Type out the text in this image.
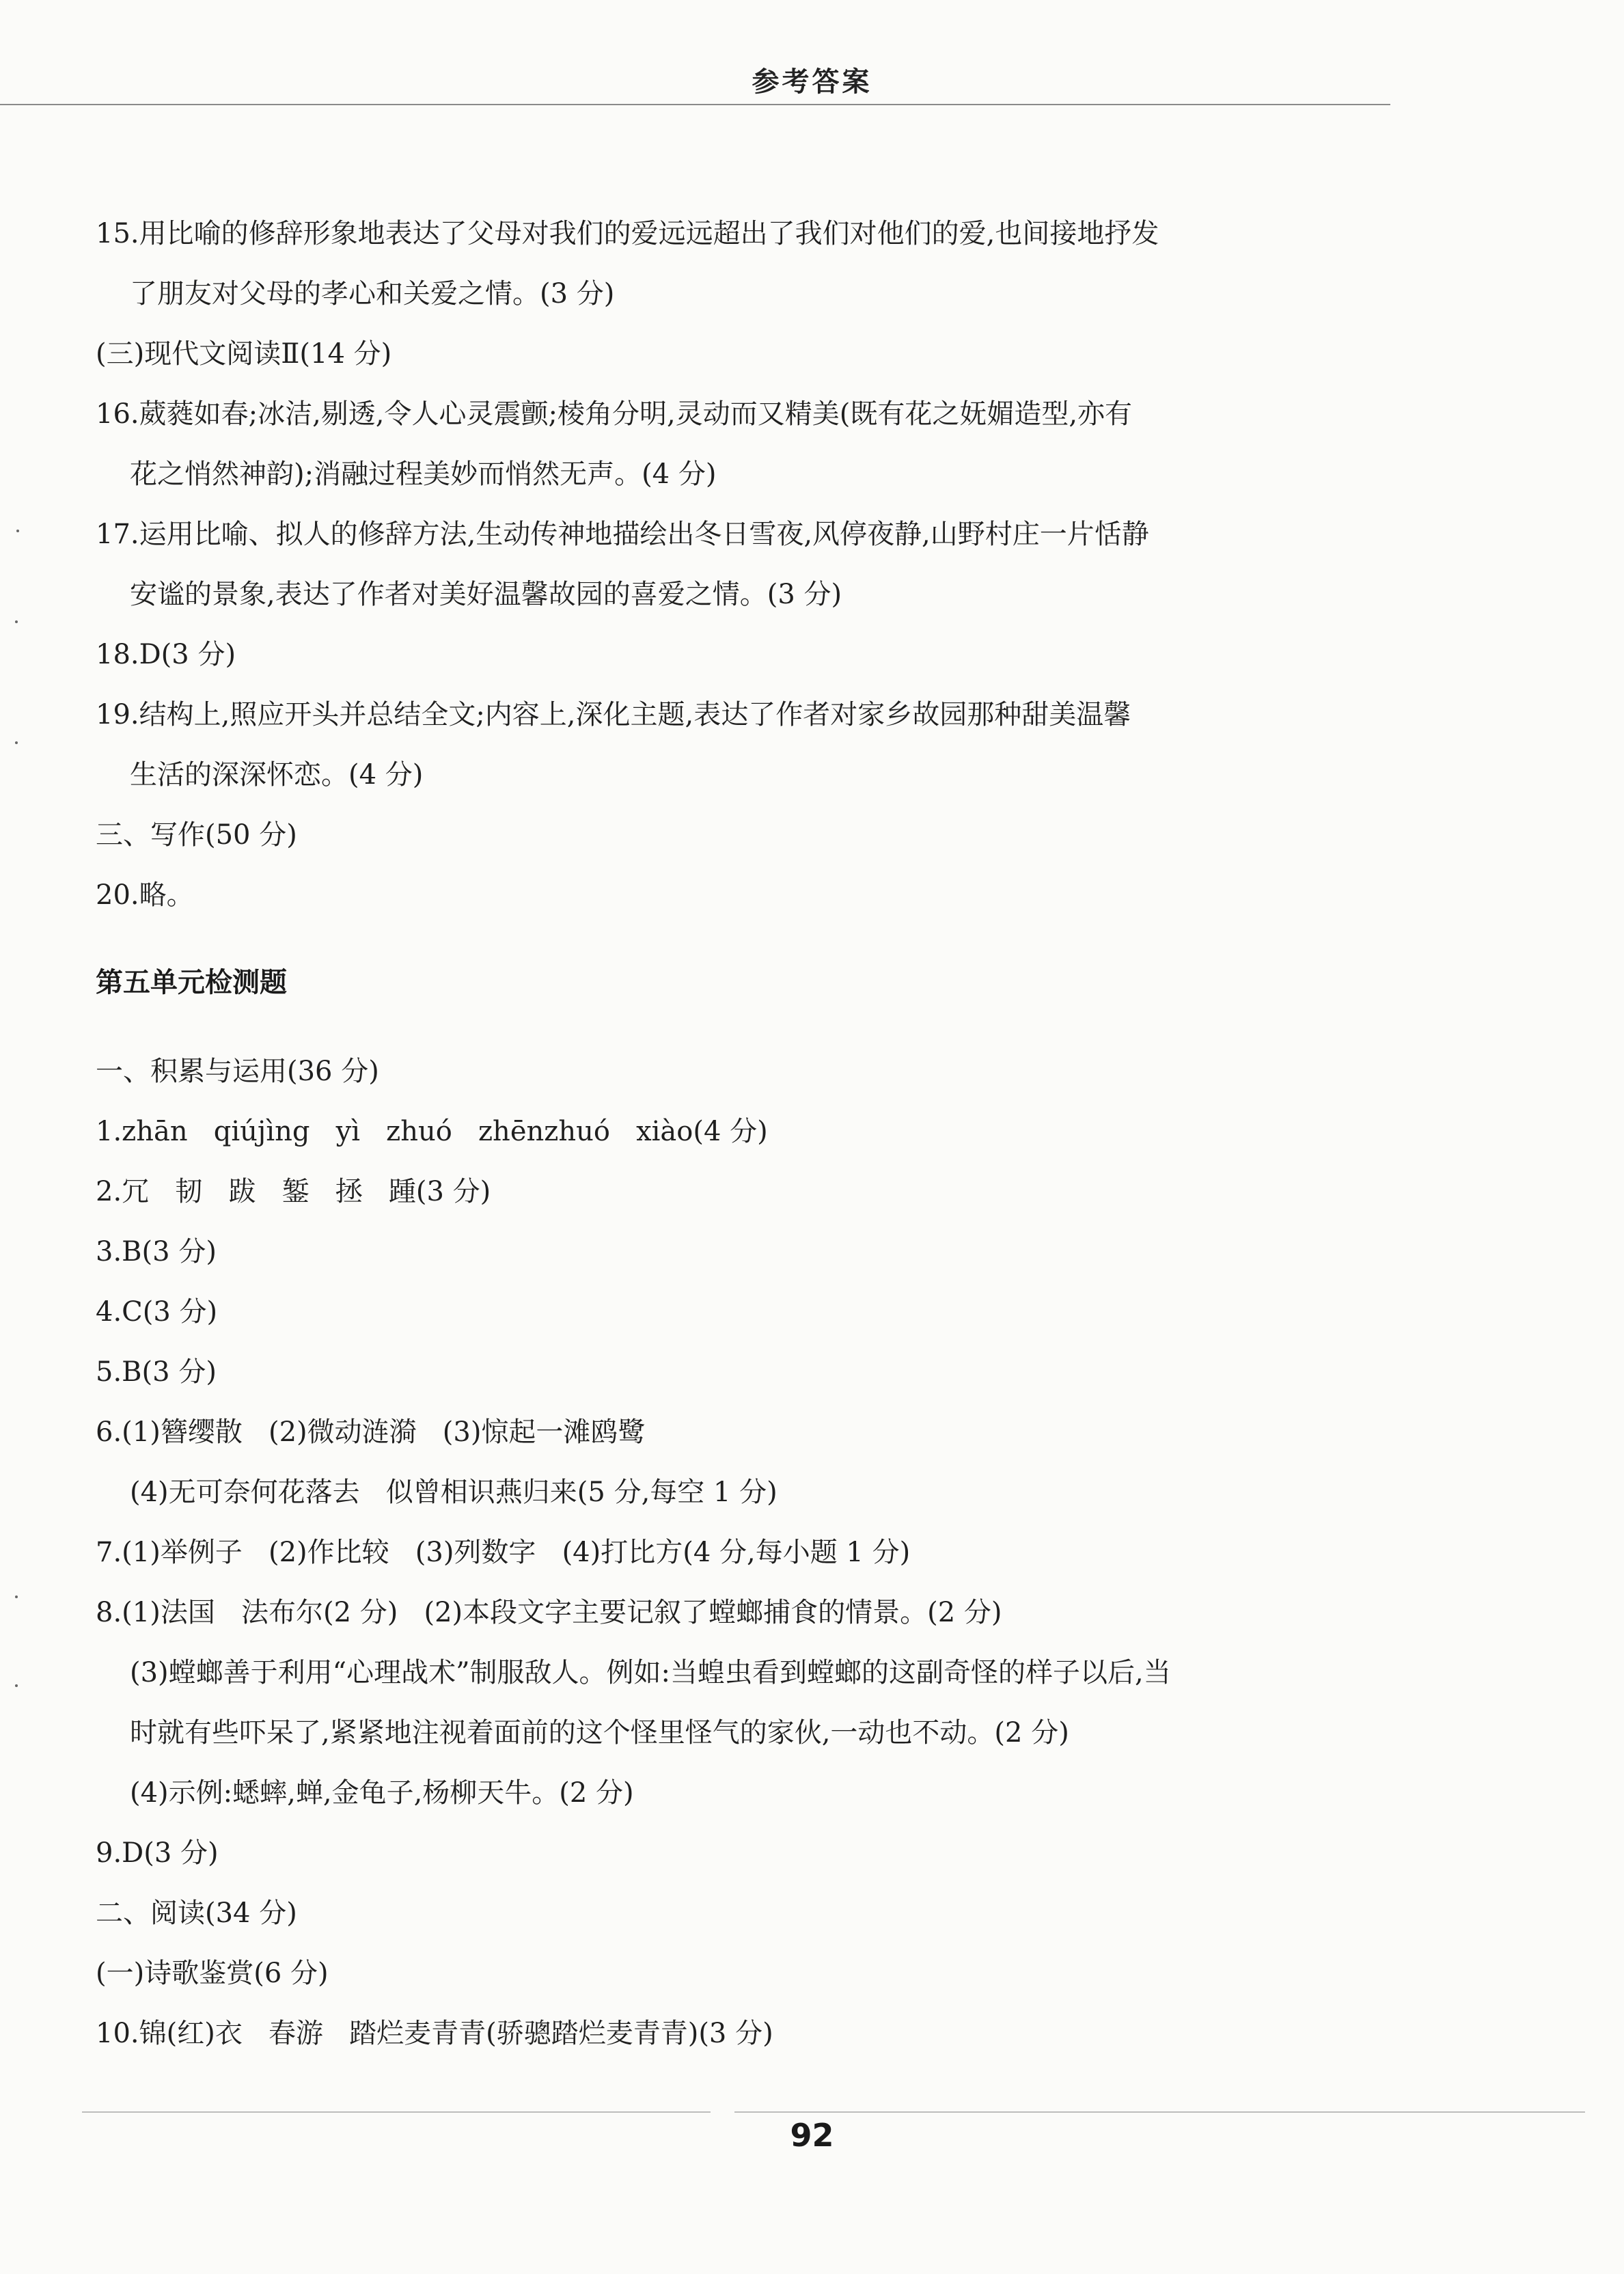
参考答案
15.用比喻的修辞形象地表达了父母对我们的爱远远超出了我们对他们的爱,也间接地抒发
了朋友对父母的孝心和关爱之情。(3 分)
(三)现代文阅读Ⅱ(14 分)
16.葳蕤如春;冰洁,剔透,令人心灵震颤;棱角分明,灵动而又精美(既有花之妩媚造型,亦有
花之悄然神韵);消融过程美妙而悄然无声。(4 分)
17.运用比喻、拟人的修辞方法,生动传神地描绘出冬日雪夜,风停夜静,山野村庄一片恬静
安谧的景象,表达了作者对美好温馨故园的喜爱之情。(3 分)
18.D(3 分)
19.结构上,照应开头并总结全文;内容上,深化主题,表达了作者对家乡故园那种甜美温馨
生活的深深怀恋。(4 分)
三、写作(50 分)
20.略。
第五单元检测题
一、积累与运用(36 分)
1.zhān   qiújìng   yì   zhuó   zhēnzhuó   xiào(4 分)
2.冗   韧   跋   錾   拯   踵(3 分)
3.B(3 分)
4.C(3 分)
5.B(3 分)
6.(1)簪缨散   (2)微动涟漪   (3)惊起一滩鸥鹭
(4)无可奈何花落去   似曾相识燕归来(5 分,每空 1 分)
7.(1)举例子   (2)作比较   (3)列数字   (4)打比方(4 分,每小题 1 分)
8.(1)法国   法布尔(2 分)   (2)本段文字主要记叙了螳螂捕食的情景。(2 分)
(3)螳螂善于利用“心理战术”制服敌人。例如:当蝗虫看到螳螂的这副奇怪的样子以后,当
时就有些吓呆了,紧紧地注视着面前的这个怪里怪气的家伙,一动也不动。(2 分)
(4)示例:蟋蟀,蝉,金龟子,杨柳天牛。(2 分)
9.D(3 分)
二、阅读(34 分)
(一)诗歌鉴赏(6 分)
10.锦(红)衣   春游   踏烂麦青青(骄骢踏烂麦青青)(3 分)
92
